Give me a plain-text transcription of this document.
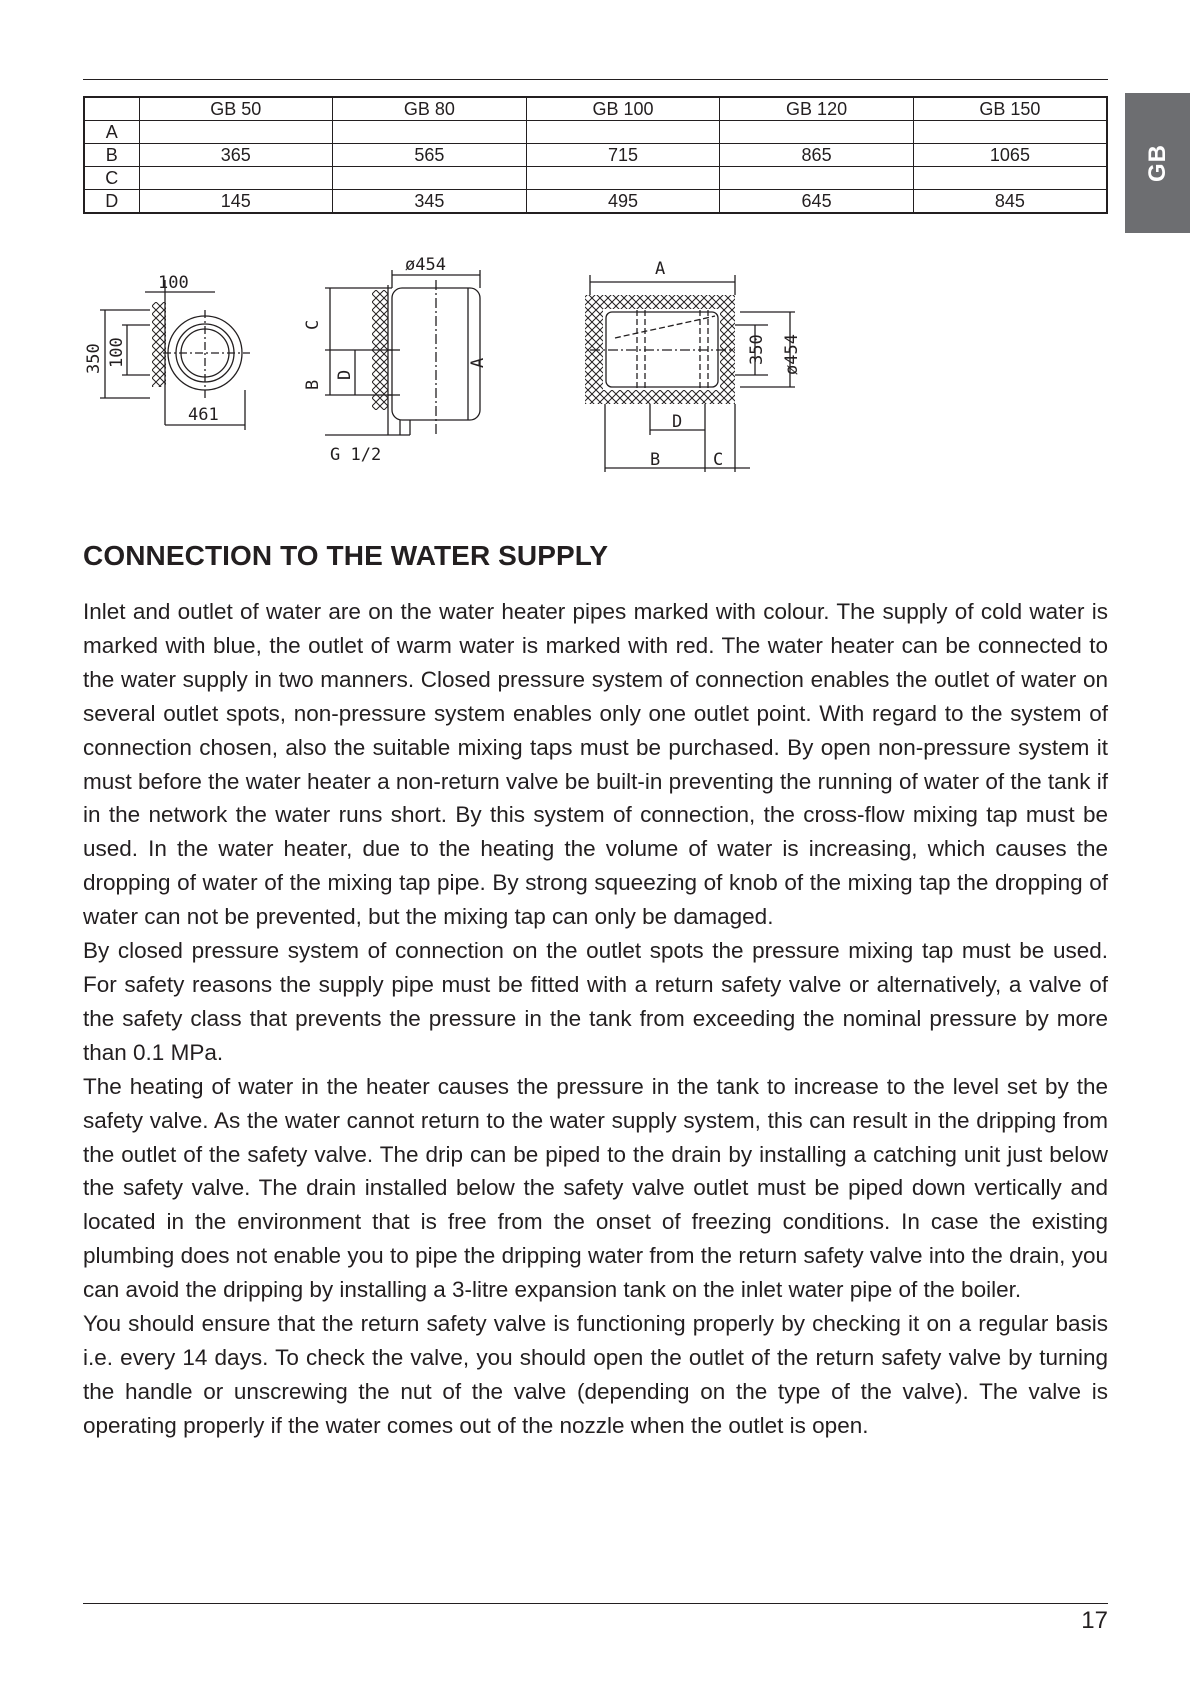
GB
	GB 50	GB 80	GB 100	GB 120	GB 150
A					
B	365	565	715	865	1065
C					
D	145	345	495	645	845
100
350 100
461
ø454
C
B
D
A
G 1/2
A
350 ø454
D
B	C
CONNECTION TO THE WATER SUPPLY

Inlet and outlet of water are on the water heater pipes marked with colour. The supply of cold water is marked with blue, the outlet of warm water is marked with red. The water heater can be connected to the water supply in two manners. Closed pressure system of connection enables the outlet of water on several outlet spots, non-pressure system enables only one outlet point. With regard to the system of connection chosen, also the suitable mixing taps must be purchased. By open non-pressure system it must before the water heater a non-return valve be built-in preventing the running of water of the tank if in the network the water runs short. By this system of connection, the cross-flow mixing tap must be used. In the water heater, due to the heating the volume of water is increasing, which causes the dropping of water of the mixing tap pipe. By strong squeezing of knob of the mixing tap the dropping of water can not be prevented, but the mixing tap can only be damaged.

By closed pressure system of connection on the outlet spots the pressure mixing tap must be used. For safety reasons the supply pipe must be fitted with a return safety valve or alternatively, a valve of the safety class that prevents the pressure in the tank from exceeding the nominal pressure by more than 0.1 MPa.

The heating of water in the heater causes the pressure in the tank to increase to the level set by the safety valve. As the water cannot return to the water supply system, this can result in the dripping from the outlet of the safety valve. The drip can be piped to the drain by installing a catching unit just below the safety valve. The drain installed below the safety valve outlet must be piped down vertically and located in the environment that is free from the onset of freezing conditions. In case the existing plumbing does not enable you to pipe the dripping water from the return safety valve into the drain, you can avoid the dripping by installing a 3-litre expansion tank on the inlet water pipe of the boiler.

You should ensure that the return safety valve is functioning properly by checking it on a regular basis i.e. every 14 days. To check the valve, you should open the outlet of the return safety valve by turning the handle or unscrewing the nut of the valve (depending on the type of the valve). The valve is operating properly if the water comes out of the nozzle when the outlet is open.

17
